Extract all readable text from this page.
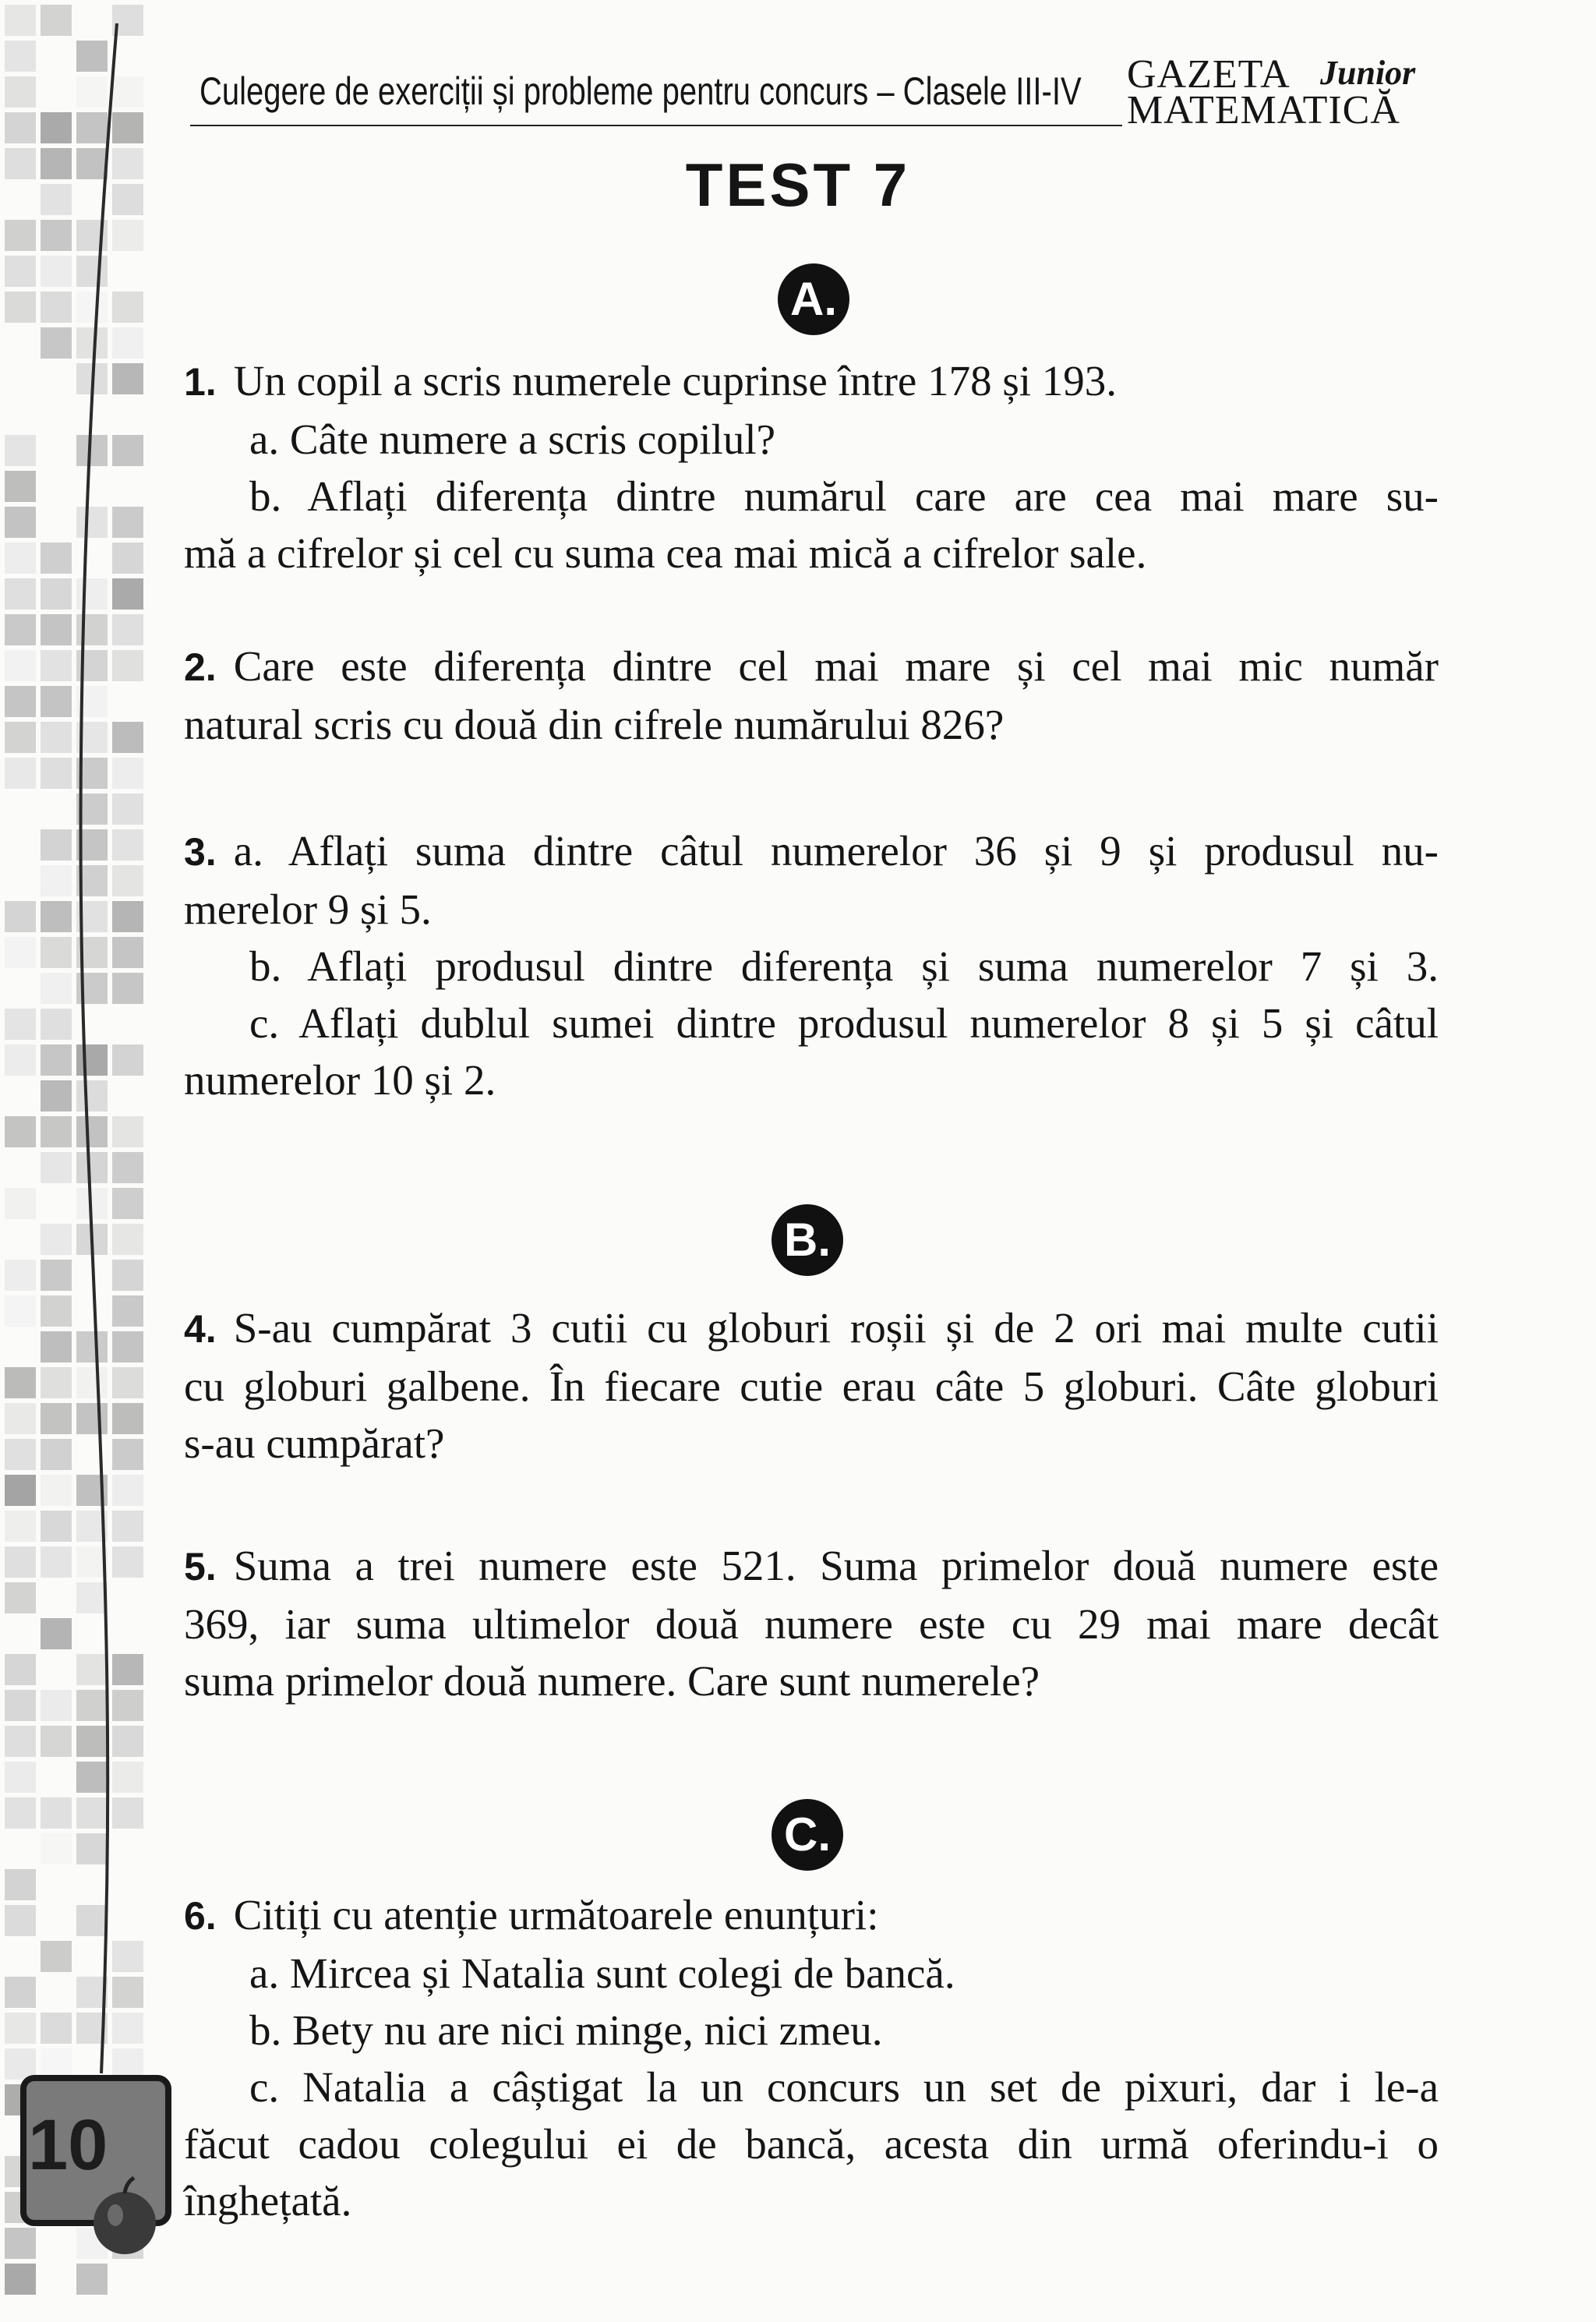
Culegere de exerciții și probleme pentru concurs – Clasele III-IV GAZETA Junior
MATEMATICĂ
TEST 7
A.
B.
C.
1. Un copil a scris numerele cuprinse între 178 și 193.
a. Câte numere a scris copilul?
b. Aflați diferența dintre numărul care are cea mai mare su-
mă a cifrelor și cel cu suma cea mai mică a cifrelor sale.
2. Care este diferența dintre cel mai mare și cel mai mic număr
natural scris cu două din cifrele numărului 826?
3. a. Aflați suma dintre câtul numerelor 36 și 9 și produsul nu-
merelor 9 și 5.
b. Aflați produsul dintre diferența și suma numerelor 7 și 3.
c. Aflați dublul sumei dintre produsul numerelor 8 și 5 și câtul
numerelor 10 și 2.
4. S-au cumpărat 3 cutii cu globuri roșii și de 2 ori mai multe cutii
cu globuri galbene. În fiecare cutie erau câte 5 globuri. Câte globuri
s-au cumpărat?
5. Suma a trei numere este 521. Suma primelor două numere este
369, iar suma ultimelor două numere este cu 29 mai mare decât
suma primelor două numere. Care sunt numerele?
6. Citiți cu atenție următoarele enunțuri:
a. Mircea și Natalia sunt colegi de bancă.
b. Bety nu are nici minge, nici zmeu.
c. Natalia a câștigat la un concurs un set de pixuri, dar i le-a
făcut cadou colegului ei de bancă, acesta din urmă oferindu-i o
înghețată.
10
